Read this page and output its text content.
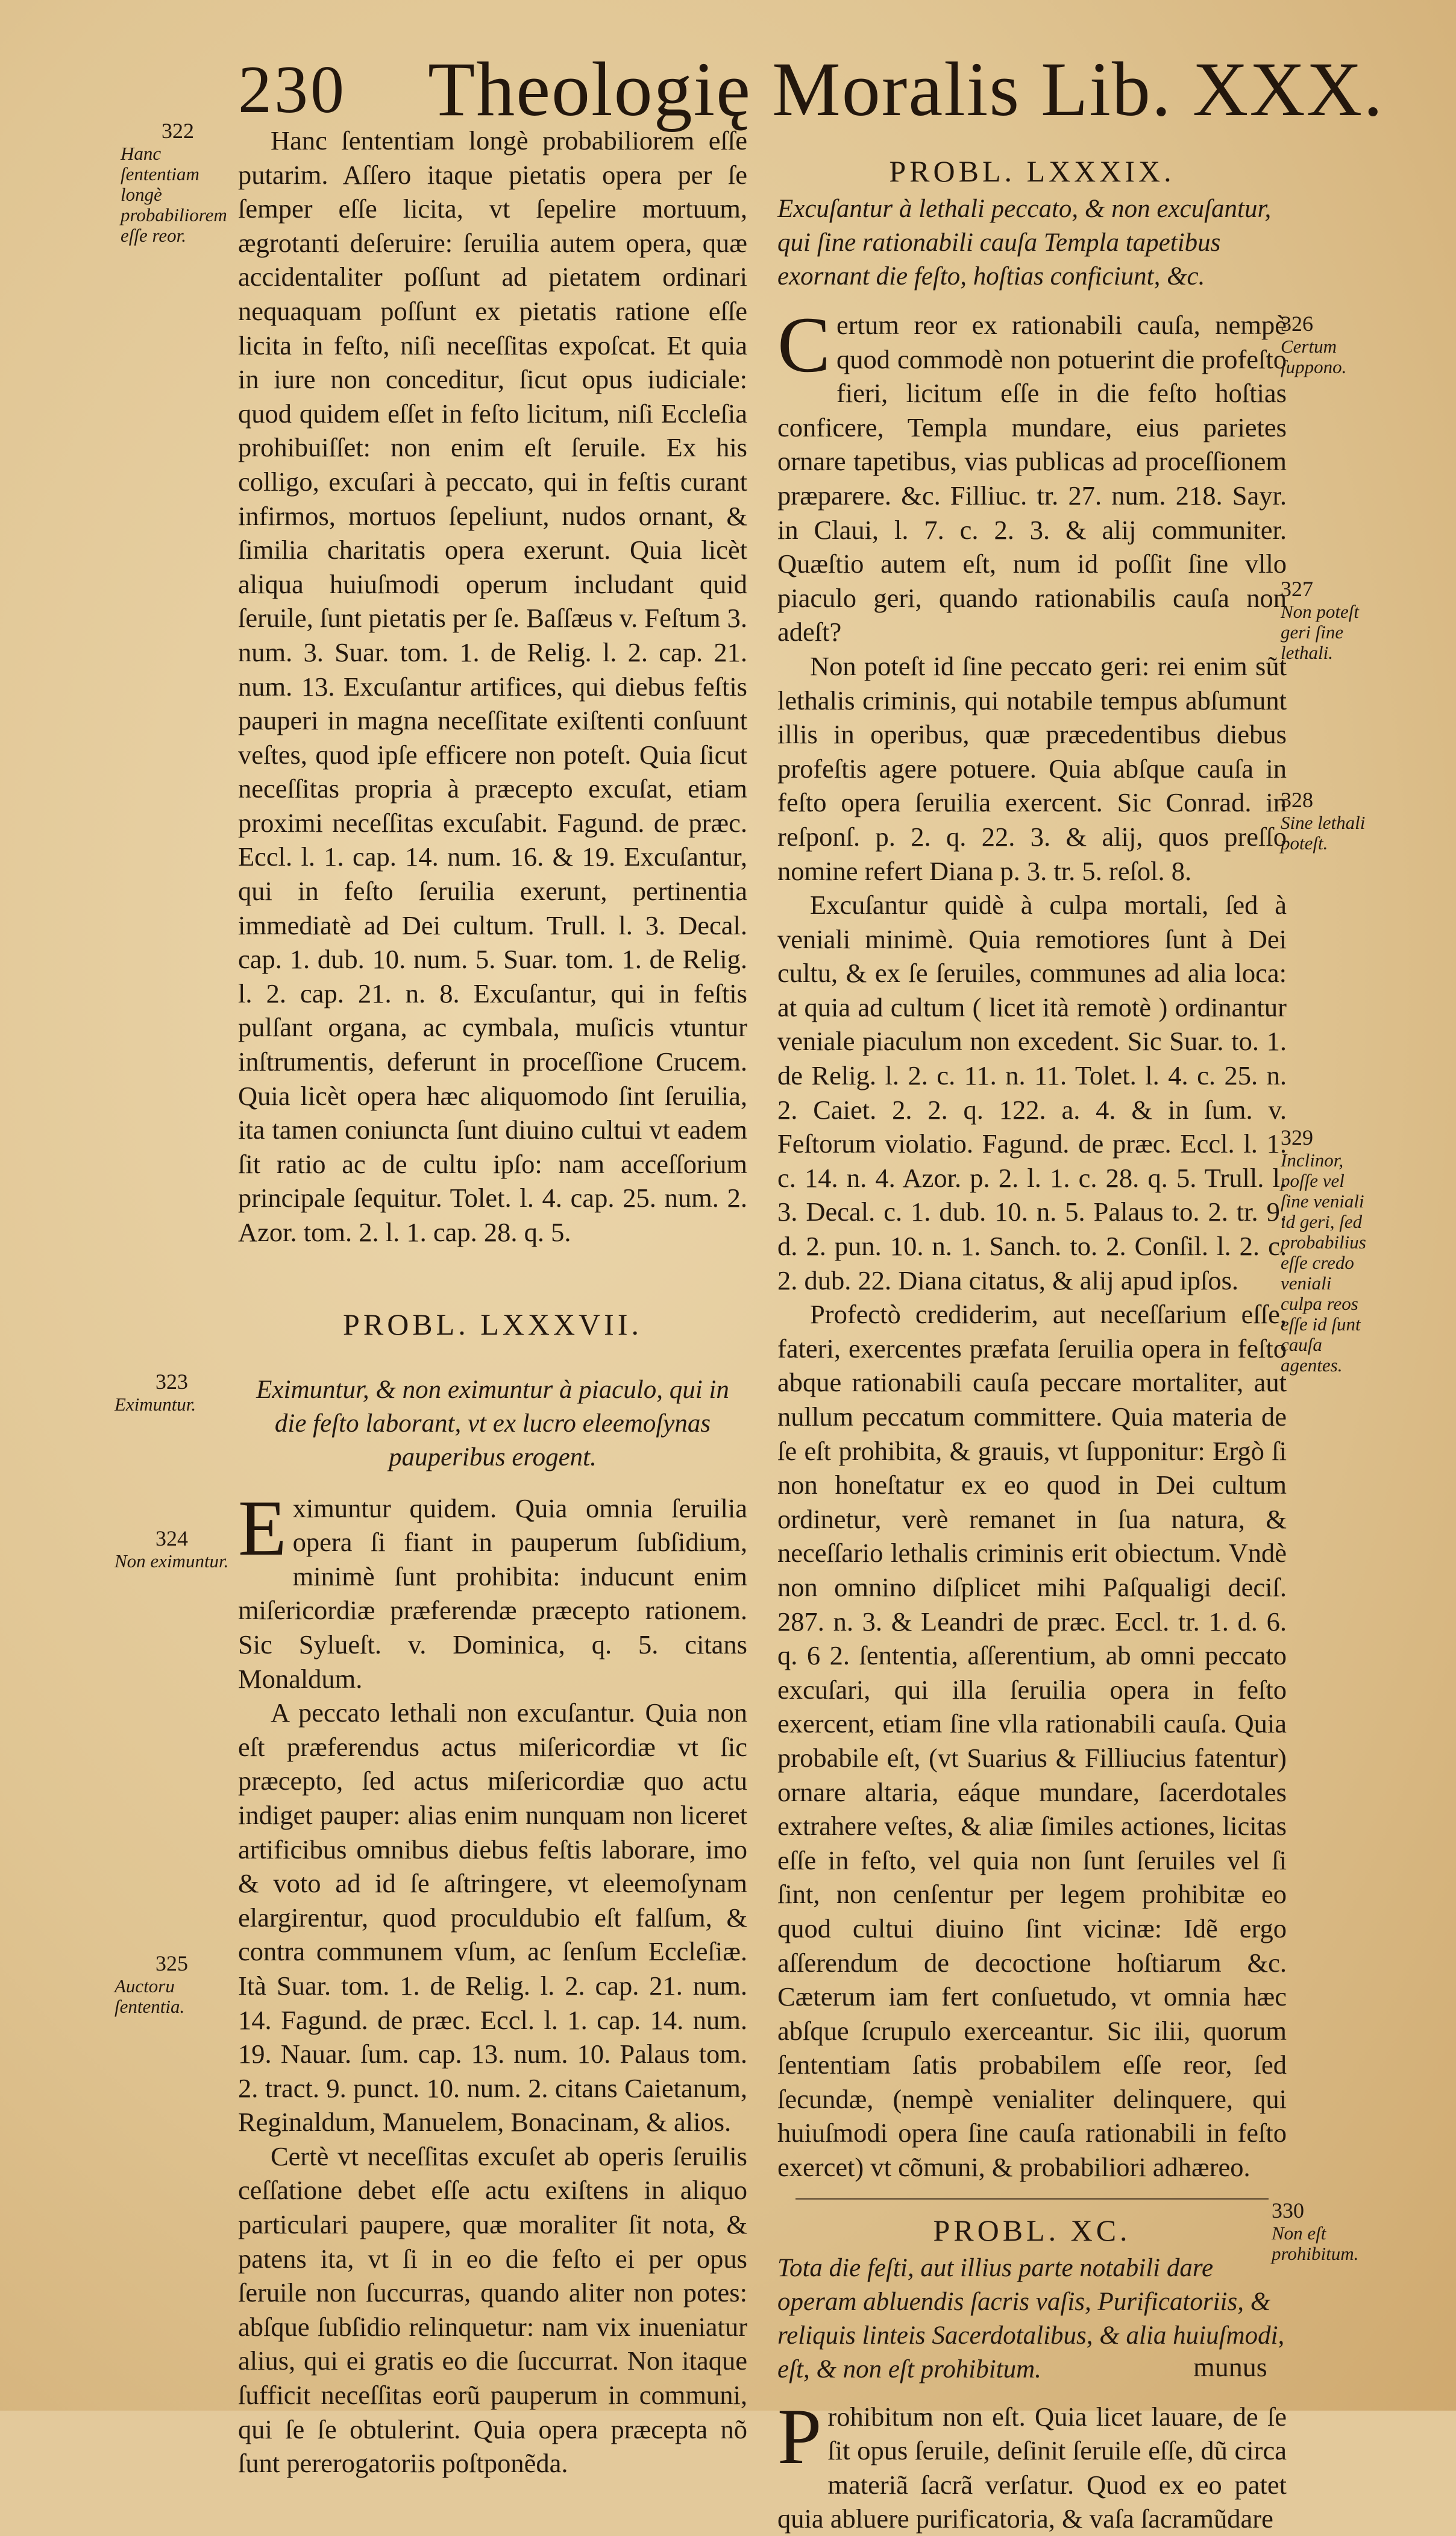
230 Theologię Moralis Lib. XXX.

Hanc ſententiam longè probabiliorem eſſe putarim. Aſſero itaque pietatis opera per ſe ſemper eſſe licita, vt ſepelire mortuum, ægrotanti deſeruire: ſeruilia autem opera, quæ accidentaliter poſſunt ad pietatem ordinari nequaquam poſſunt ex pietatis ratione eſſe licita in feſto, niſi neceſſitas expoſcat. Et quia in iure non conceditur, ſicut opus iudiciale: quod quidem eſſet in feſto licitum, niſi Eccleſia prohibuiſſet: non enim eſt ſeruile. Ex his colligo, excuſari à peccato, qui in feſtis curant infirmos, mortuos ſepeliunt, nudos ornant, & ſimilia charitatis opera exerunt. Quia licèt aliqua huiuſmodi operum includant quid ſeruile, ſunt pietatis per ſe. Baſſæus v. Feſtum 3. num. 3. Suar. tom. 1. de Relig. l. 2. cap. 21. num. 13. Excuſantur artifices, qui diebus feſtis pauperi in magna neceſſitate exiſtenti conſuunt veſtes, quod ipſe efficere non poteſt. Quia ſicut neceſſitas propria à præcepto excuſat, etiam proximi neceſſitas excuſabit. Fagund. de præc. Eccl. l. 1. cap. 14. num. 16. & 19. Excuſantur, qui in feſto ſeruilia exerunt, pertinentia immediatè ad Dei cultum. Trull. l. 3. Decal. cap. 1. dub. 10. num. 5. Suar. tom. 1. de Relig. l. 2. cap. 21. n. 8. Excuſantur, qui in feſtis pulſant organa, ac cymbala, muſicis vtuntur inſtrumentis, deferunt in proceſſione Crucem. Quia licèt opera hæc aliquomodo ſint ſeruilia, ita tamen coniuncta ſunt diuino cultui vt eadem ſit ratio ac de cultu ipſo: nam acceſſorium principale ſequitur. Tolet. l. 4. cap. 25. num. 2. Azor. tom. 2. l. 1. cap. 28. q. 5.

PROBL. LXXXVII.

Eximuntur, & non eximuntur à piaculo, qui in die feſto laborant, vt ex lucro eleemoſynas pauperibus erogent.

Eximuntur quidem. Quia omnia ſeruilia opera ſi fiant in pauperum ſubſidium, minimè ſunt prohibita: inducunt enim miſericordiæ præferendæ præcepto rationem. Sic Sylueſt. v. Dominica, q. 5. citans Monaldum.

A peccato lethali non excuſantur. Quia non eſt præferendus actus miſericordiæ vt ſic præcepto, ſed actus miſericordiæ quo actu indiget pauper: alias enim nunquam non liceret artificibus omnibus diebus feſtis laborare, imo & voto ad id ſe aſtringere, vt eleemoſynam elargirentur, quod proculdubio eſt falſum, & contra communem vſum, ac ſenſum Eccleſiæ. Ità Suar. tom. 1. de Relig. l. 2. cap. 21. num. 14. Fagund. de præc. Eccl. l. 1. cap. 14. num. 19. Nauar. ſum. cap. 13. num. 10. Palaus tom. 2. tract. 9. punct. 10. num. 2. citans Caietanum, Reginaldum, Manuelem, Bonacinam, & alios.

Certè vt neceſſitas excuſet ab operis ſeruilis ceſſatione debet eſſe actu exiſtens in aliquo particulari paupere, quæ moraliter ſit nota, & patens ita, vt ſi in eo die feſto ei per opus ſeruile non ſuccurras, quando aliter non potes: abſque ſubſidio relinquetur: nam vix inueniatur alius, qui ei gratis eo die ſuccurrat. Non itaque ſufficit neceſſitas eorũ pauperum in communi, qui ſe ſe obtulerint. Quia opera præcepta nõ ſunt pererogatoriis poſtponẽda.

PROBL. LXXXIX.

Excuſantur à lethali peccato, & non excuſantur, qui ſine rationabili cauſa Templa tapetibus exornant die feſto, hoſtias conficiunt, &c.

Certum reor ex rationabili cauſa, nempè quod commodè non potuerint die profeſto fieri, licitum eſſe in die feſto hoſtias conficere, Templa mundare, eius parietes ornare tapetibus, vias publicas ad proceſſionem præparere. &c. Filliuc. tr. 27. num. 218. Sayr. in Claui, l. 7. c. 2. 3. & alij communiter. Quæſtio autem eſt, num id poſſit ſine vllo piaculo geri, quando rationabilis cauſa non adeſt?

Non poteſt id ſine peccato geri: rei enim sũt lethalis criminis, qui notabile tempus abſumunt illis in operibus, quæ præcedentibus diebus profeſtis agere potuere. Quia abſque cauſa in feſto opera ſeruilia exercent. Sic Conrad. in reſponſ. p. 2. q. 22. 3. & alij, quos preſſo nomine refert Diana p. 3. tr. 5. reſol. 8.

Excuſantur quidè à culpa mortali, ſed à veniali minimè. Quia remotiores ſunt à Dei cultu, & ex ſe ſeruiles, communes ad alia loca: at quia ad cultum ( licet ità remotè ) ordinantur veniale piaculum non excedent. Sic Suar. to. 1. de Relig. l. 2. c. 11. n. 11. Tolet. l. 4. c. 25. n. 2. Caiet. 2. 2. q. 122. a. 4. & in ſum. v. Feſtorum violatio. Fagund. de præc. Eccl. l. 1. c. 14. n. 4. Azor. p. 2. l. 1. c. 28. q. 5. Trull. l. 3. Decal. c. 1. dub. 10. n. 5. Palaus to. 2. tr. 9. d. 2. pun. 10. n. 1. Sanch. to. 2. Conſil. l. 2. c. 2. dub. 22. Diana citatus, & alij apud ipſos.

Profectò crediderim, aut neceſſarium eſſe, fateri, exercentes præfata ſeruilia opera in feſto abque rationabili cauſa peccare mortaliter, aut nullum peccatum committere. Quia materia de ſe eſt prohibita, & grauis, vt ſupponitur: Ergò ſi non honeſtatur ex eo quod in Dei cultum ordinetur, verè remanet in ſua natura, & neceſſario lethalis criminis erit obiectum. Vndè non omnino diſplicet mihi Paſqualigi deciſ. 287. n. 3. & Leandri de præc. Eccl. tr. 1. d. 6. q. 6 2. ſententia, aſſerentium, ab omni peccato excuſari, qui illa ſeruilia opera in feſto exercent, etiam ſine vlla rationabili cauſa. Quia probabile eſt, (vt Suarius & Filliucius fatentur) ornare altaria, eáque mundare, ſacerdotales extrahere veſtes, & aliæ ſimiles actiones, licitas eſſe in feſto, vel quia non ſunt ſeruiles vel ſi ſint, non cenſentur per legem prohibitæ eo quod cultui diuino ſint vicinæ: Idẽ ergo aſſerendum de decoctione hoſtiarum &c. Cæterum iam fert conſuetudo, vt omnia hæc abſque ſcrupulo exerceantur. Sic ilii, quorum ſententiam ſatis probabilem eſſe reor, ſed ſecundæ, (nempè venialiter delinquere, qui huiuſmodi opera ſine cauſa rationabili in feſto exercet) vt cõmuni, & probabiliori adhæreo.

PROBL. XC.

Tota die feſti, aut illius parte notabili dare operam abluendis ſacris vaſis, Purificatoriis, & reliquis linteis Sacerdotalibus, & alia huiuſmodi, eſt, & non eſt prohibitum.

Prohibitum non eſt. Quia licet lauare, de ſe ſit opus ſeruile, deſinit ſeruile eſſe, dũ circa materiã ſacrã verſatur. Quod ex eo patet quia abluere purificatoria, & vaſa ſacramũdare

munus
322
Hanc ſententiam longè probabiliorem eſſe reor.
323
Eximuntur.
324
Non eximuntur.
325
Auctoru ſententia.
326
Certum ſuppono.
327
Non poteſt geri ſine lethali.
328
Sine lethali poteſt.
329
Inclinor, poſſe vel ſine veniali id geri, ſed probabilius eſſe credo veniali culpa reos eſſe id ſunt cauſa agentes.
330
Non eſt prohibitum.
